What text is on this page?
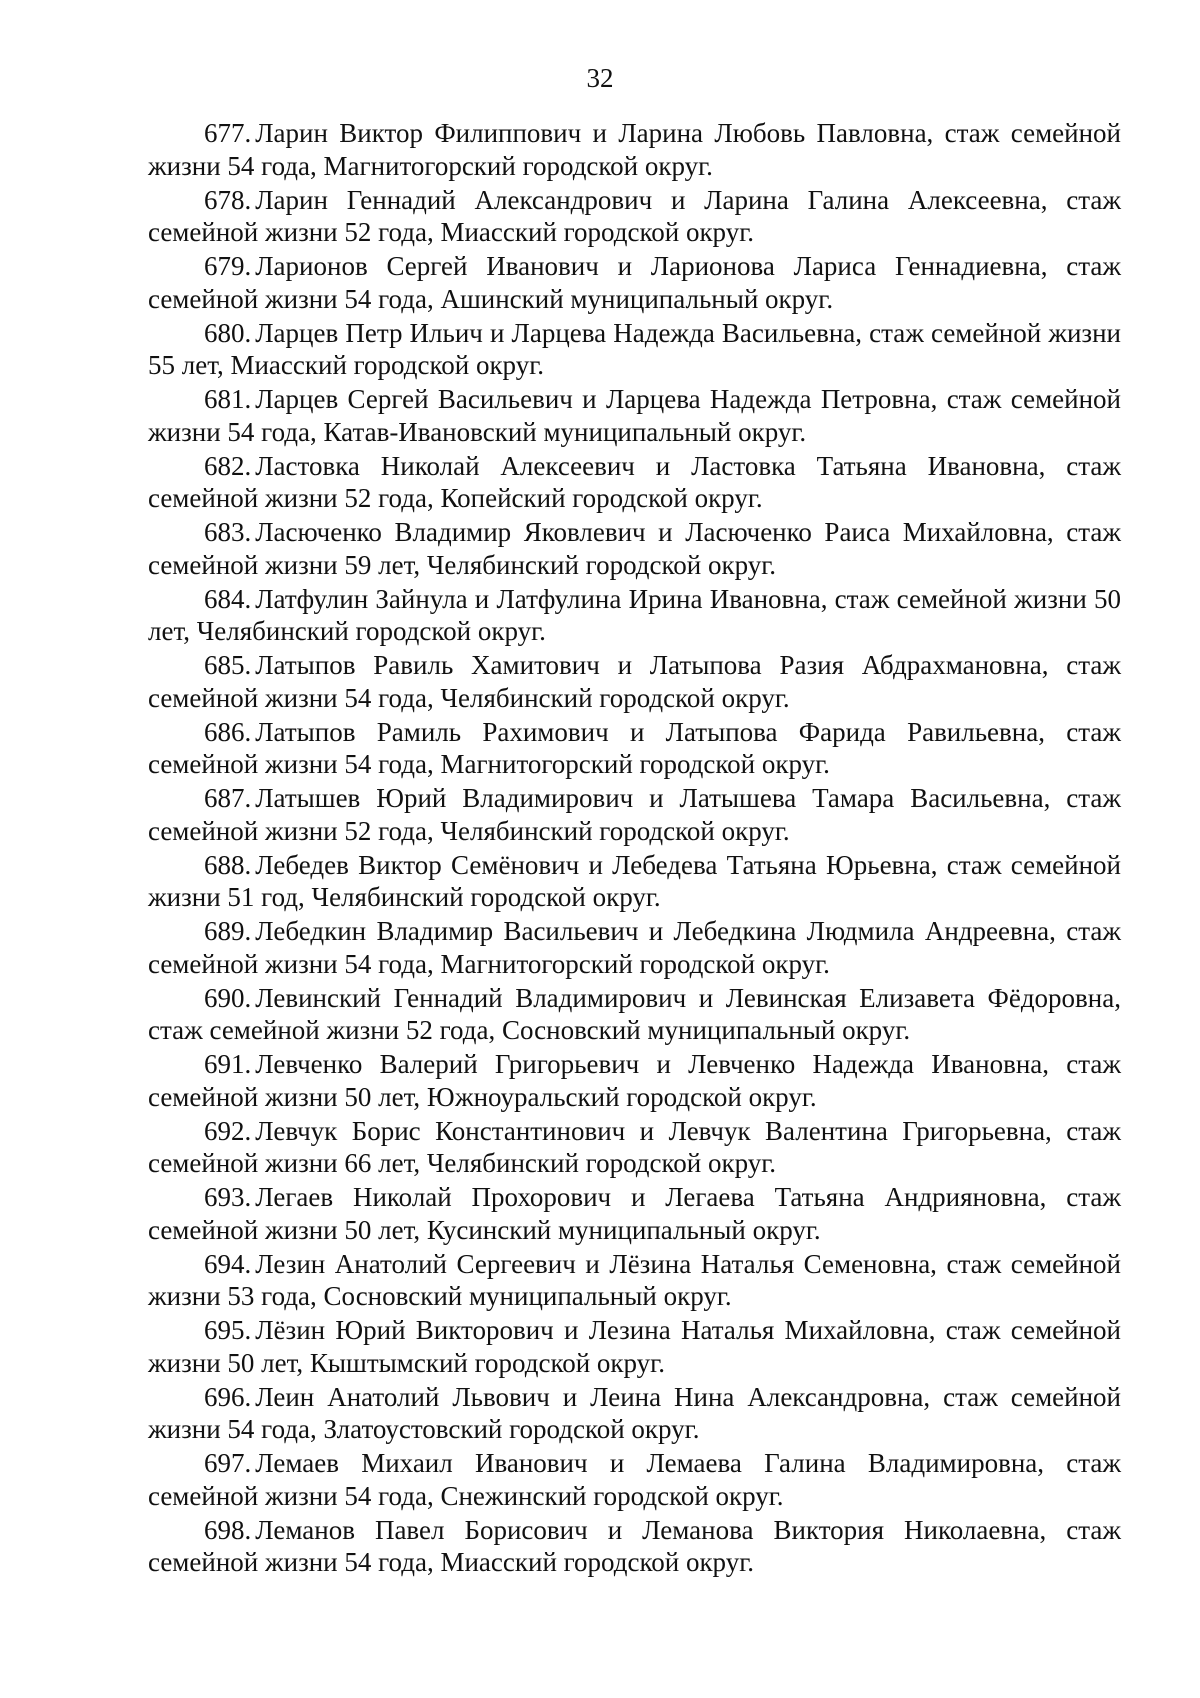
32
677. Ларин Виктор Филиппович и Ларина Любовь Павловна, стаж семейной жизни 54 года, Магнитогорский городской округ.
678. Ларин Геннадий Александрович и Ларина Галина Алексеевна, стаж семейной жизни 52 года, Миасский городской округ.
679. Ларионов Сергей Иванович и Ларионова Лариса Геннадиевна, стаж семейной жизни 54 года, Ашинский муниципальный округ.
680. Ларцев Петр Ильич и Ларцева Надежда Васильевна, стаж семейной жизни 55 лет, Миасский городской округ.
681. Ларцев Сергей Васильевич и Ларцева Надежда Петровна, стаж семейной жизни 54 года, Катав-Ивановский муниципальный округ.
682. Ластовка Николай Алексеевич и Ластовка Татьяна Ивановна, стаж семейной жизни 52 года, Копейский городской округ.
683. Ласюченко Владимир Яковлевич и Ласюченко Раиса Михайловна, стаж семейной жизни 59 лет, Челябинский городской округ.
684. Латфулин Зайнула и Латфулина Ирина Ивановна, стаж семейной жизни 50 лет, Челябинский городской округ.
685. Латыпов Равиль Хамитович и Латыпова Разия Абдрахмановна, стаж семейной жизни 54 года, Челябинский городской округ.
686. Латыпов Рамиль Рахимович и Латыпова Фарида Равильевна, стаж семейной жизни 54 года, Магнитогорский городской округ.
687. Латышев Юрий Владимирович и Латышева Тамара Васильевна, стаж семейной жизни 52 года, Челябинский городской округ.
688. Лебедев Виктор Семёнович и Лебедева Татьяна Юрьевна, стаж семейной жизни 51 год, Челябинский городской округ.
689. Лебедкин Владимир Васильевич и Лебедкина Людмила Андреевна, стаж семейной жизни 54 года, Магнитогорский городской округ.
690. Левинский Геннадий Владимирович и Левинская Елизавета Фёдоровна, стаж семейной жизни 52 года, Сосновский муниципальный округ.
691. Левченко Валерий Григорьевич и Левченко Надежда Ивановна, стаж семейной жизни 50 лет, Южноуральский городской округ.
692. Левчук Борис Константинович и Левчук Валентина Григорьевна, стаж семейной жизни 66 лет, Челябинский городской округ.
693. Легаев Николай Прохорович и Легаева Татьяна Андрияновна, стаж семейной жизни 50 лет, Кусинский муниципальный округ.
694. Лезин Анатолий Сергеевич и Лёзина Наталья Семеновна, стаж семейной жизни 53 года, Сосновский муниципальный округ.
695. Лёзин Юрий Викторович и Лезина Наталья Михайловна, стаж семейной жизни 50 лет, Кыштымский городской округ.
696. Леин Анатолий Львович и Леина Нина Александровна, стаж семейной жизни 54 года, Златоустовский городской округ.
697. Лемаев Михаил Иванович и Лемаева Галина Владимировна, стаж семейной жизни 54 года, Снежинский городской округ.
698. Леманов Павел Борисович и Леманова Виктория Николаевна, стаж семейной жизни 54 года, Миасский городской округ.
